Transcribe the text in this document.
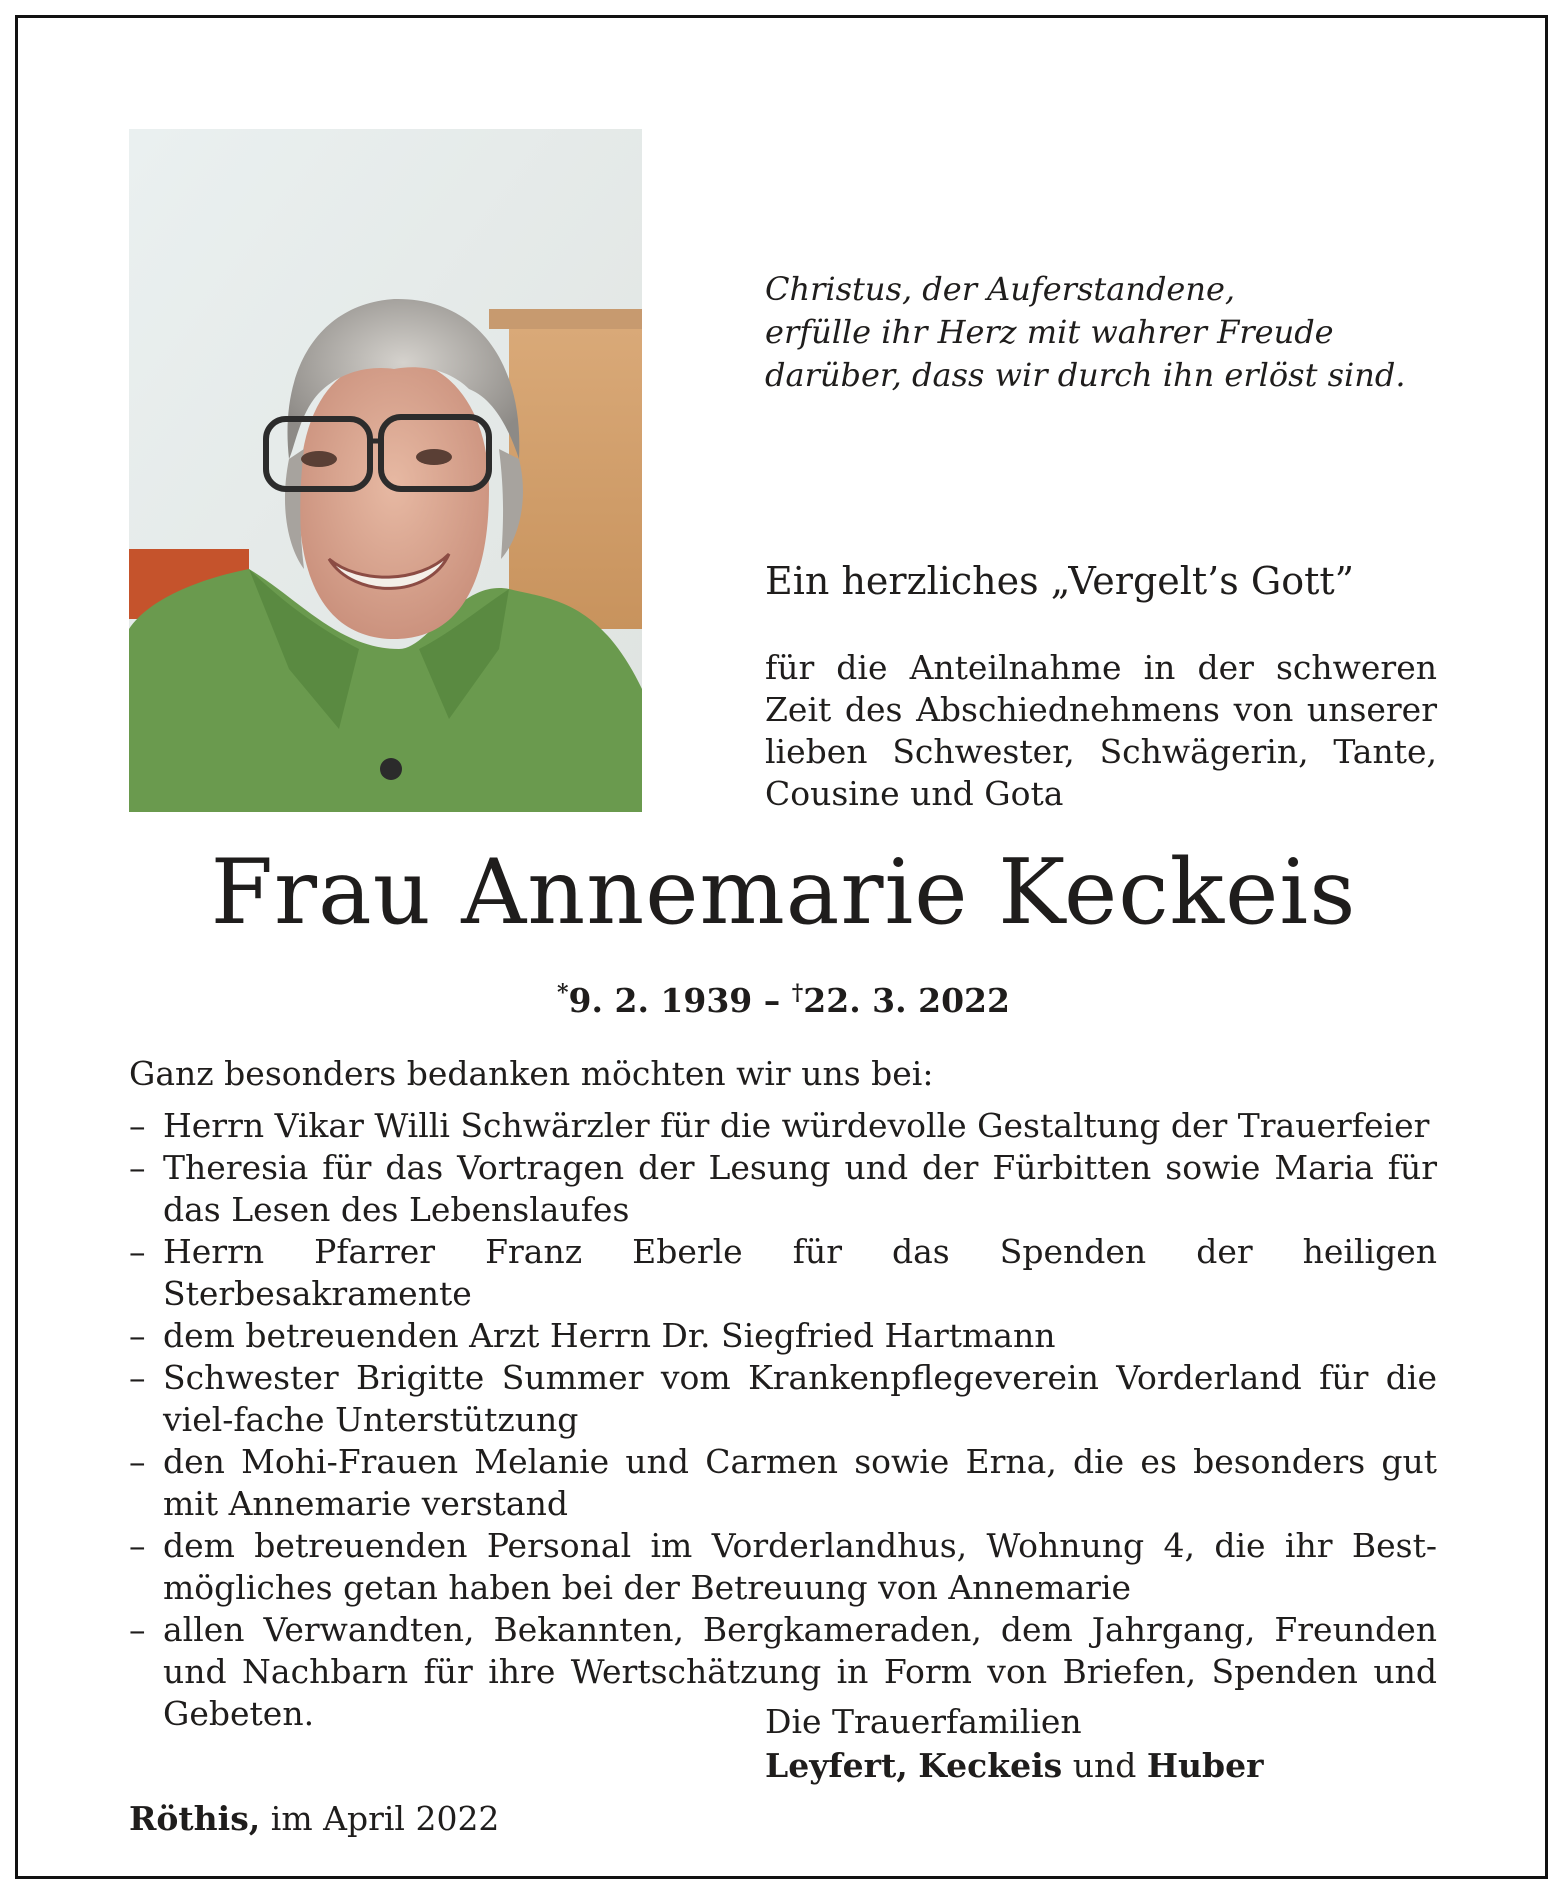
Christus, der Auferstandene,
erfülle ihr Herz mit wahrer Freude
darüber, dass wir durch ihn erlöst sind.
Ein herzliches „Vergelt’s Gott”
für die Anteilnahme in der schweren
Zeit des Abschiednehmens von unserer
lieben Schwester, Schwägerin, Tante,
Cousine und Gota
Frau Annemarie Keckeis
*9. 2. 1939 – †22. 3. 2022
Ganz besonders bedanken möchten wir uns bei:
– Herrn Vikar Willi Schwärzler für die würdevolle Gestaltung der Trauerfeier
– Theresia für das Vortragen der Lesung und der Fürbitten sowie Maria für das Lesen des Lebenslaufes
– Herrn Pfarrer Franz Eberle für das Spenden der heiligen Sterbesakramente
– dem betreuenden Arzt Herrn Dr. Siegfried Hartmann
– Schwester Brigitte Summer vom Krankenpflegeverein Vorderland für die viel-fache Unterstützung
– den Mohi-Frauen Melanie und Carmen sowie Erna, die es besonders gut mit Annemarie verstand
– dem betreuenden Personal im Vorderlandhus, Wohnung 4, die ihr Best-mögliches getan haben bei der Betreuung von Annemarie
– allen Verwandten, Bekannten, Bergkameraden, dem Jahrgang, Freunden und Nachbarn für ihre Wertschätzung in Form von Briefen, Spenden und Gebeten.	Die Trauerfamilien
Leyfert, Keckeis und Huber
Röthis, im April 2022
